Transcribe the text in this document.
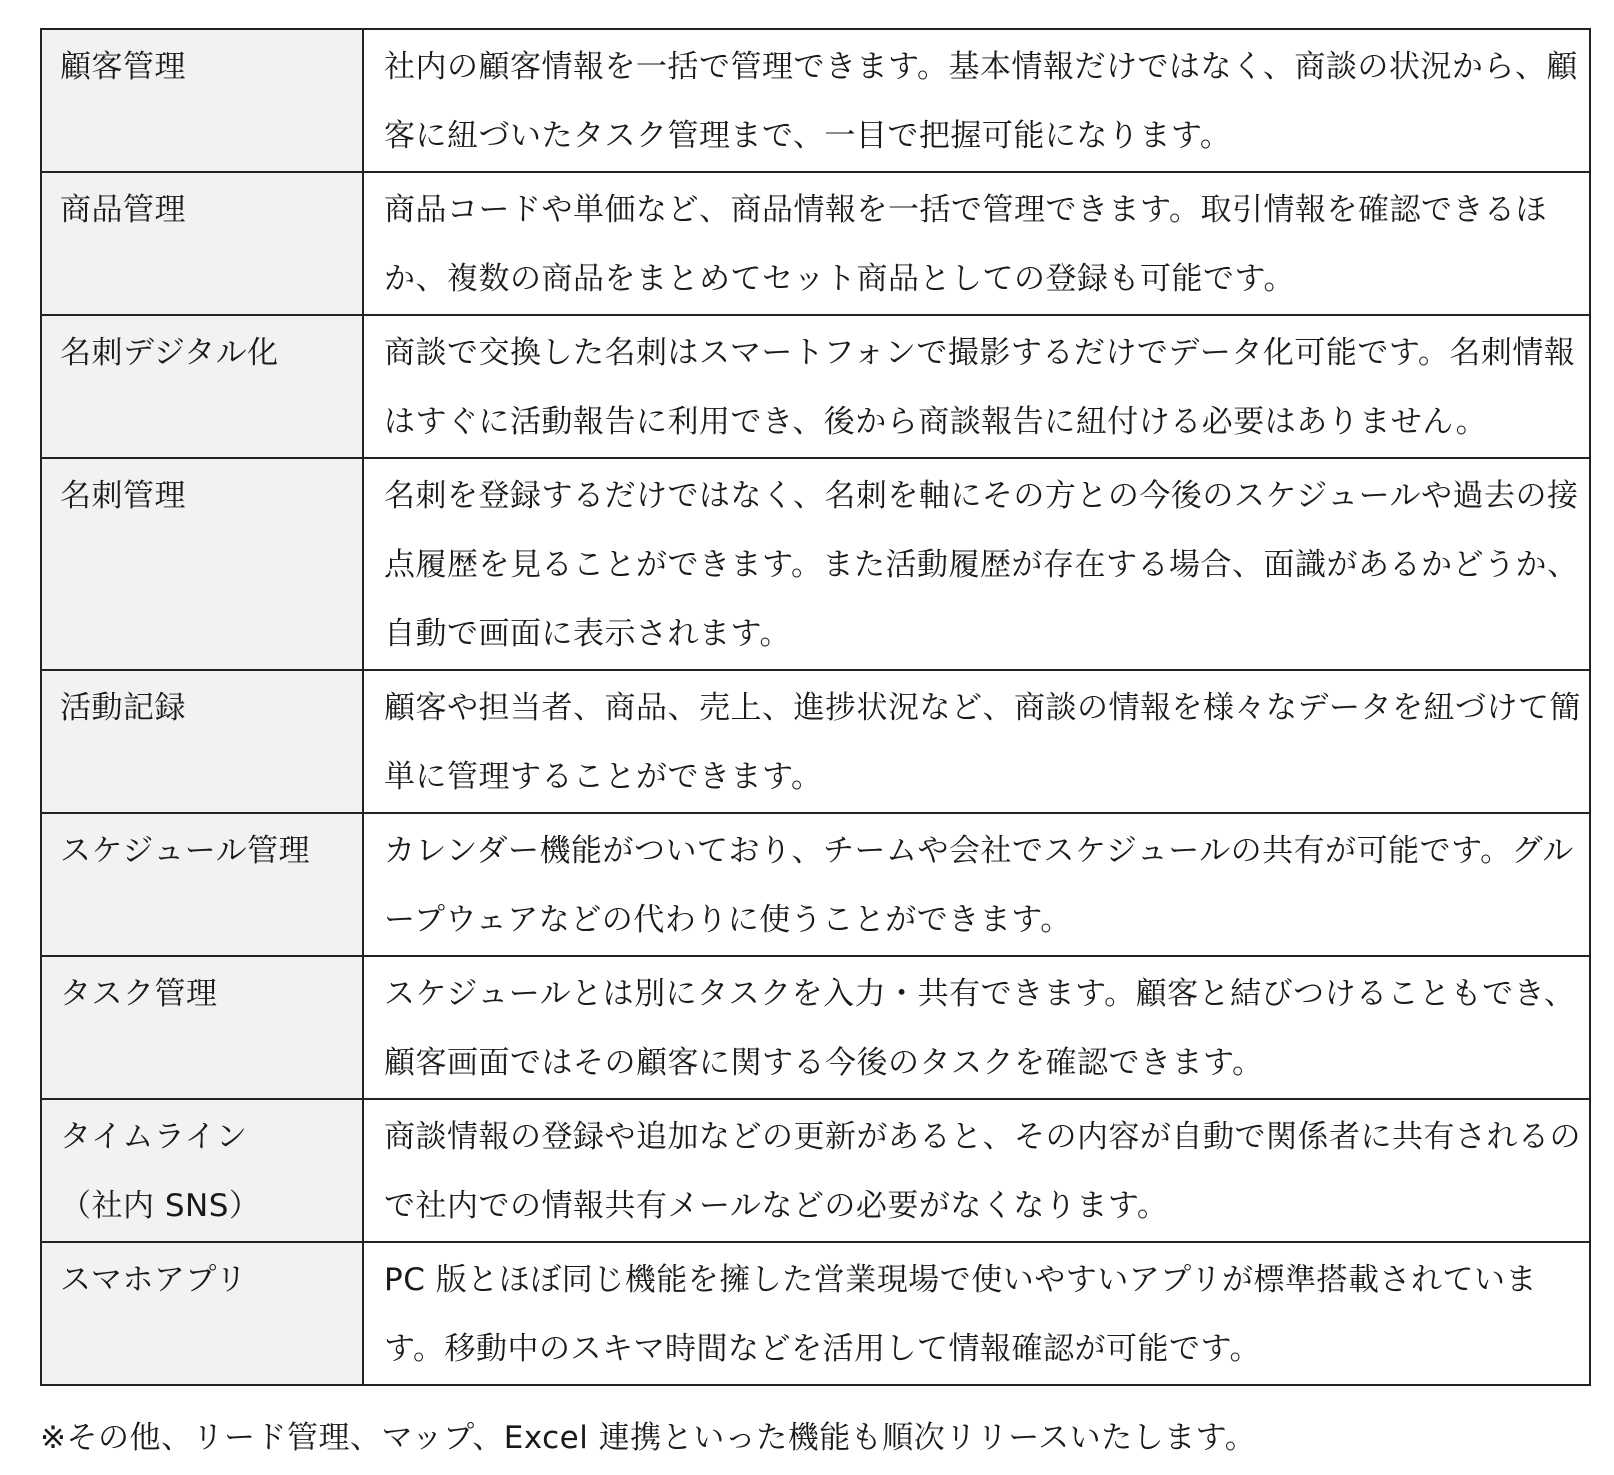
顧客管理	社内の顧客情報を一括で管理できます。基本情報だけではなく、商談の状況から、顧客に紐づいたタスク管理まで、一目で把握可能になります。

商品管理	商品コードや単価など、商品情報を一括で管理できます。取引情報を確認できるほか、複数の商品をまとめてセット商品としての登録も可能です。

名刺デジタル化	商談で交換した名刺はスマートフォンで撮影するだけでデータ化可能です。名刺情報はすぐに活動報告に利用でき、後から商談報告に紐付ける必要はありません。

名刺管理	名刺を登録するだけではなく、名刺を軸にその方との今後のスケジュールや過去の接点履歴を見ることができます。また活動履歴が存在する場合、面識があるかどうか、自動で画面に表示されます。

活動記録	顧客や担当者、商品、売上、進捗状況など、商談の情報を様々なデータを紐づけて簡単に管理することができます。

スケジュール管理	カレンダー機能がついており、チームや会社でスケジュールの共有が可能です。グループウェアなどの代わりに使うことができます。

タスク管理	スケジュールとは別にタスクを入力・共有できます。顧客と結びつけることもでき、顧客画面ではその顧客に関する今後のタスクを確認できます。

タイムライン
（社内 SNS）	商談情報の登録や追加などの更新があると、その内容が自動で関係者に共有されるので社内での情報共有メールなどの必要がなくなります。

スマホアプリ	PC 版とほぼ同じ機能を擁した営業現場で使いやすいアプリが標準搭載されています。移動中のスキマ時間などを活用して情報確認が可能です。
※その他、リード管理、マップ、Excel 連携といった機能も順次リリースいたします。
